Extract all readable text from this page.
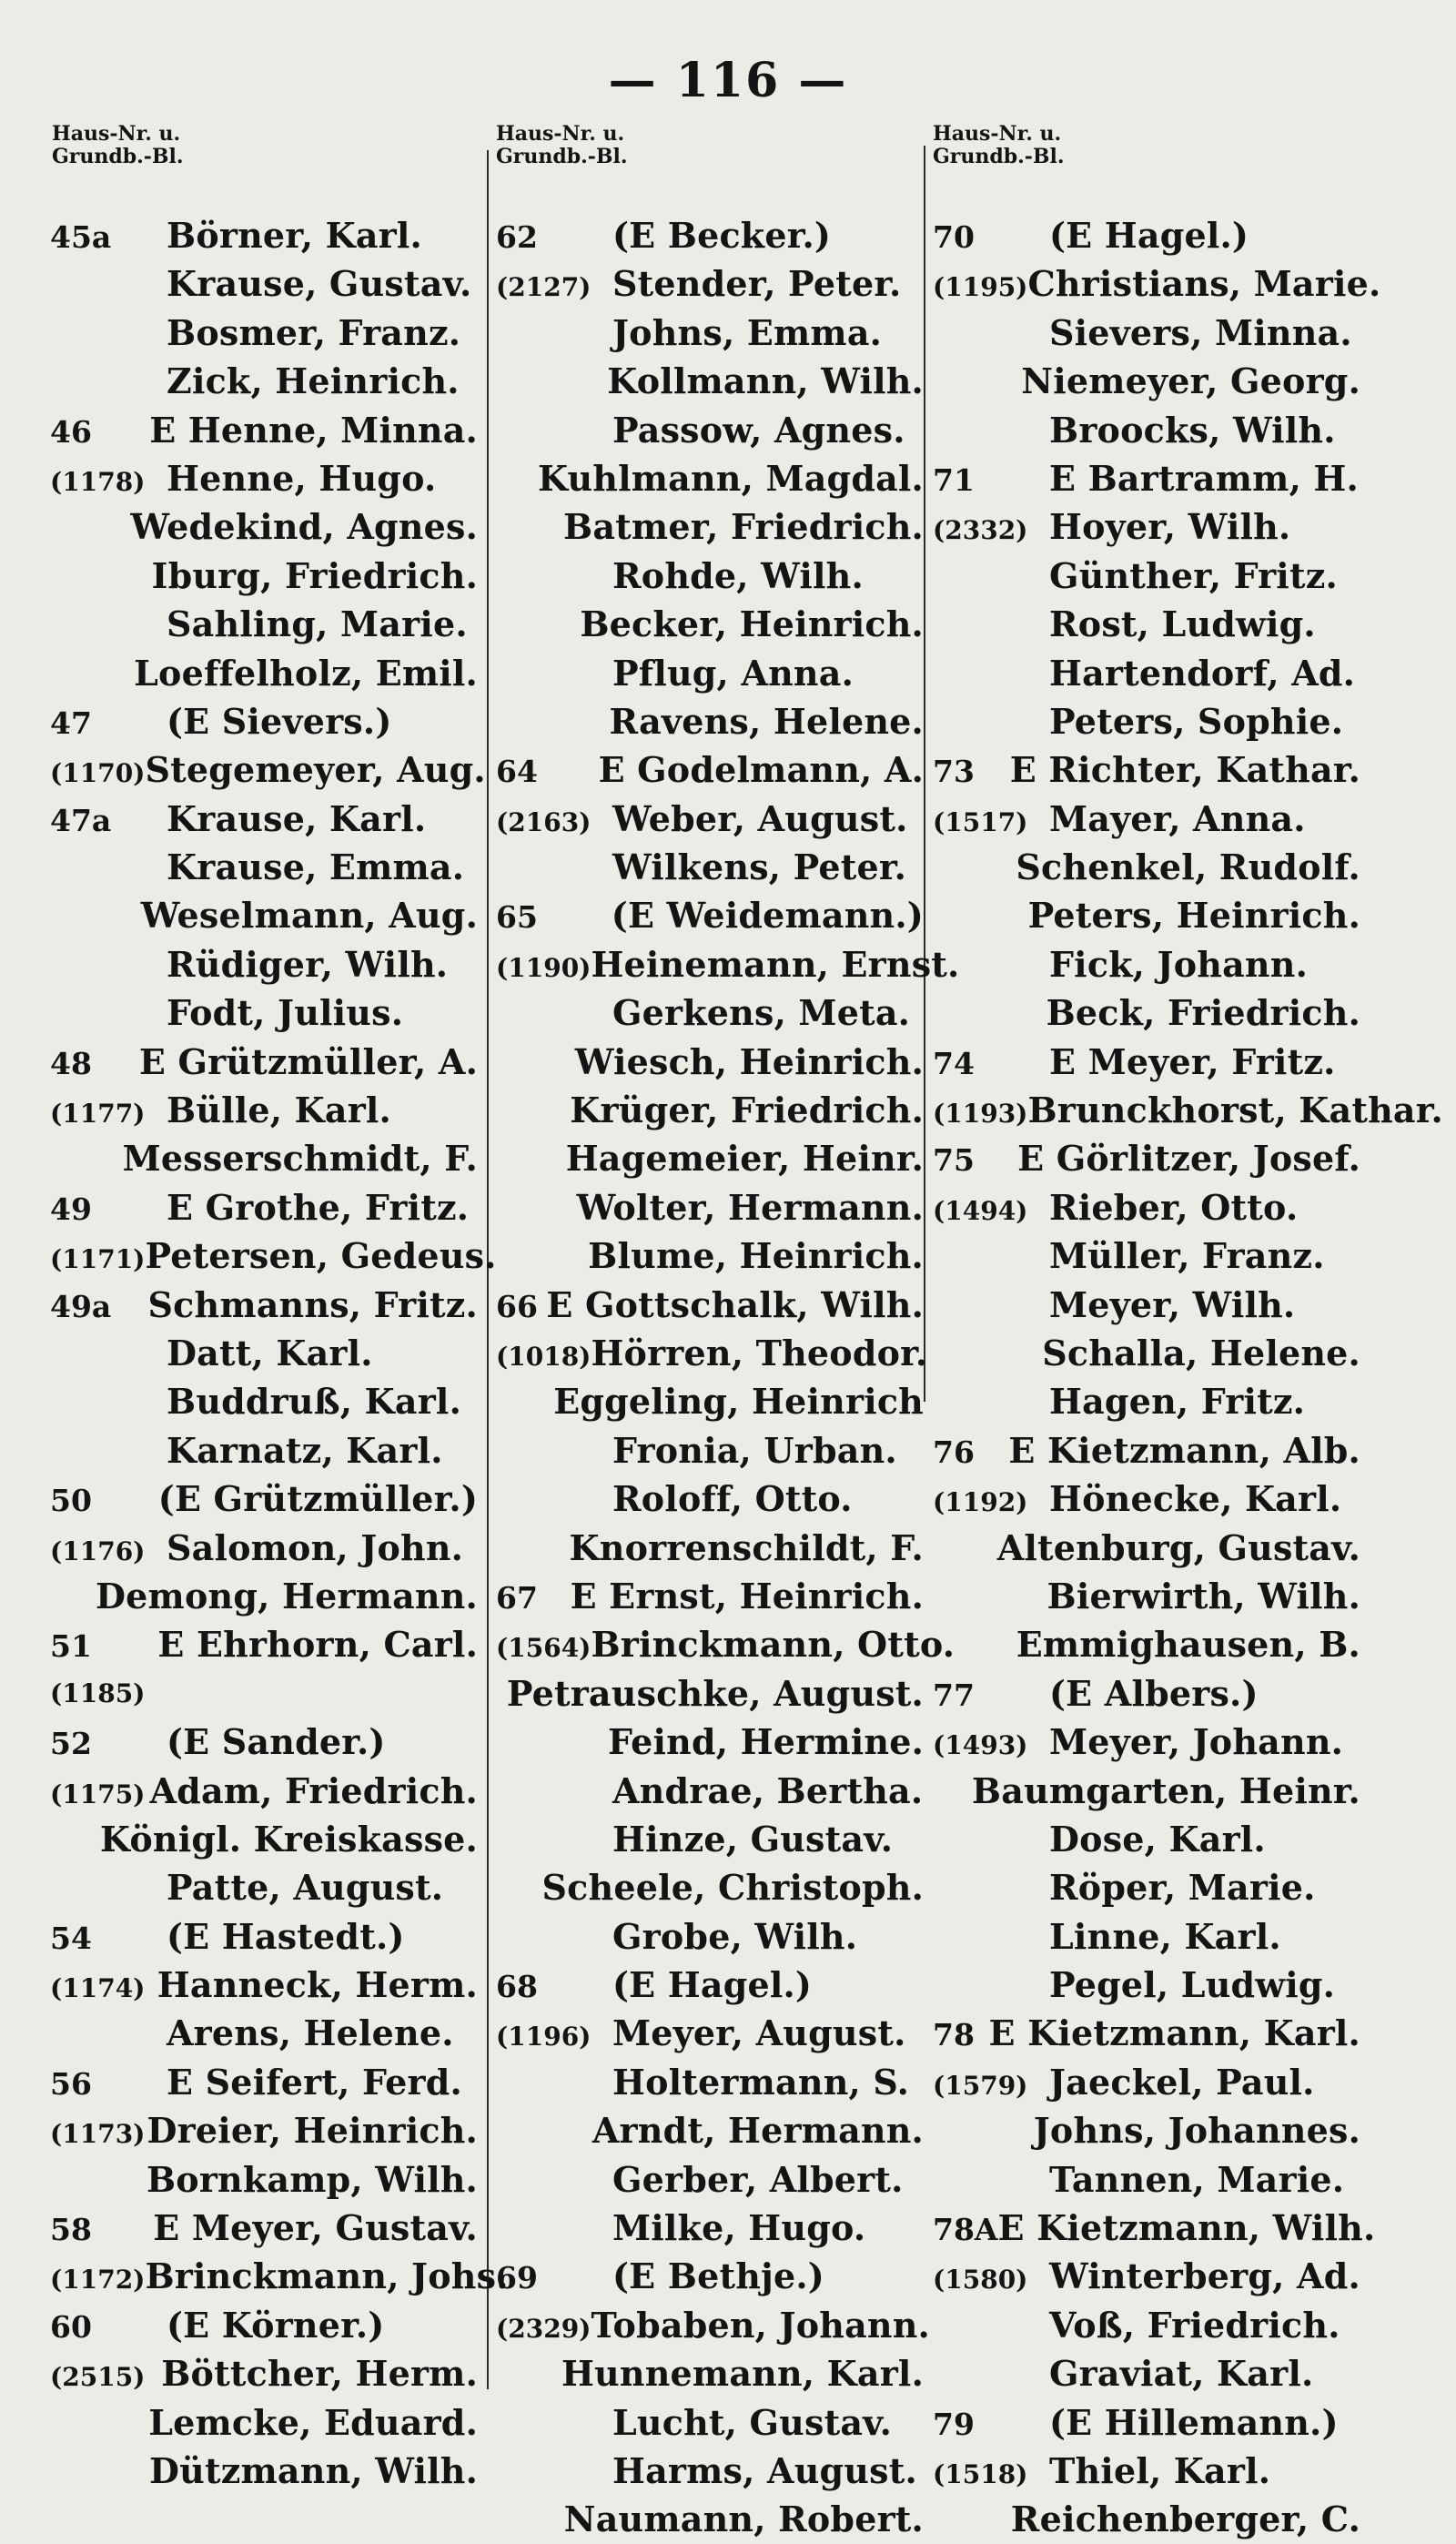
— 116 —
Haus-Nr. u.
Grundb.-Bl.
45a	Börner, Karl.
Krause, Gustav.
Bosmer, Franz.
Zick, Heinrich.
46	E Henne, Minna.
(1178) Henne, Hugo.
Wedekind, Agnes.
Iburg, Friedrich.
Sahling, Marie.
Loeffelholz, Emil.
47	(E Sievers.)
(1170) Stegemeyer, Aug.
47a	Krause, Karl.
Krause, Emma.
Weselmann, Aug.
Rüdiger, Wilh.
Fodt, Julius.
48	E Grützmüller, A.
(1177) Bülle, Karl.
Messerschmidt, F.
49	E Grothe, Fritz.
(1171) Petersen, Gedeus.
49a	Schmanns, Fritz.
Datt, Karl.
Buddruß, Karl.
Karnatz, Karl.
50	(E Grützmüller.)
(1176) Salomon, John.
Demong, Hermann.
51	E Ehrhorn, Carl.
(1185)
52	(E Sander.)
(1175) Adam, Friedrich.
Königl. Kreiskasse.
Patte, August.
54	(E Hastedt.)
(1174) Hanneck, Herm.
Arens, Helene.
56	E Seifert, Ferd.
(1173) Dreier, Heinrich.
Bornkamp, Wilh.
58	E Meyer, Gustav.
(1172) Brinckmann, Johs.
60	(E Körner.)
(2515) Böttcher, Herm.
Lemcke, Eduard.
Dützmann, Wilh.
Haus-Nr. u.
Grundb.-Bl.
62	(E Becker.)
(2127) Stender, Peter.
Johns, Emma.
Kollmann, Wilh.
Passow, Agnes.
Kuhlmann, Magdal.
Batmer, Friedrich.
Rohde, Wilh.
Becker, Heinrich.
Pflug, Anna.
Ravens, Helene.
64	E Godelmann, A.
(2163) Weber, August.
Wilkens, Peter.
65	(E Weidemann.)
(1190) Heinemann, Ernst.
Gerkens, Meta.
Wiesch, Heinrich.
Krüger, Friedrich.
Hagemeier, Heinr.
Wolter, Hermann.
Blume, Heinrich.
66 E Gottschalk, Wilh.
(1018) Hörren, Theodor.
Eggeling, Heinrich
Fronia, Urban.
Roloff, Otto.
Knorrenschildt, F.
67 E Ernst, Heinrich.
(1564) Brinckmann, Otto.
Petrauschke, August.
Feind, Hermine.
Andrae, Bertha.
Hinze, Gustav.
Scheele, Christoph.
Grobe, Wilh.
68	(E Hagel.)
(1196) Meyer, August.
Holtermann, S.
Arndt, Hermann.
Gerber, Albert.
Milke, Hugo.
69	(E Bethje.)
(2329) Tobaben, Johann.
Hunnemann, Karl.
Lucht, Gustav.
Harms, August.
Naumann, Robert.
Haus-Nr. u.
Grundb.-Bl.
70	(E Hagel.)
(1195) Christians, Marie.
Sievers, Minna.
Niemeyer, Georg.
Broocks, Wilh.
71	E Bartramm, H.
(2332) Hoyer, Wilh.
Günther, Fritz.
Rost, Ludwig.
Hartendorf, Ad.
Peters, Sophie.
73	E Richter, Kathar.
(1517) Mayer, Anna.
Schenkel, Rudolf.
Peters, Heinrich.
Fick, Johann.
Beck, Friedrich.
74	E Meyer, Fritz.
(1193) Brunckhorst, Kathar.
75	E Görlitzer, Josef.
(1494) Rieber, Otto.
Müller, Franz.
Meyer, Wilh.
Schalla, Helene.
Hagen, Fritz.
76 E Kietzmann, Alb.
(1192) Hönecke, Karl.
Altenburg, Gustav.
Bierwirth, Wilh.
Emmighausen, B.
77	(E Albers.)
(1493) Meyer, Johann.
Baumgarten, Heinr.
Dose, Karl.
Röper, Marie.
Linne, Karl.
Pegel, Ludwig.
78 E Kietzmann, Karl.
(1579) Jaeckel, Paul.
Johns, Johannes.
Tannen, Marie.
78A E Kietzmann, Wilh.
(1580) Winterberg, Ad.
Voß, Friedrich.
Graviat, Karl.
79	(E Hillemann.)
(1518) Thiel, Karl.
Reichenberger, C.
